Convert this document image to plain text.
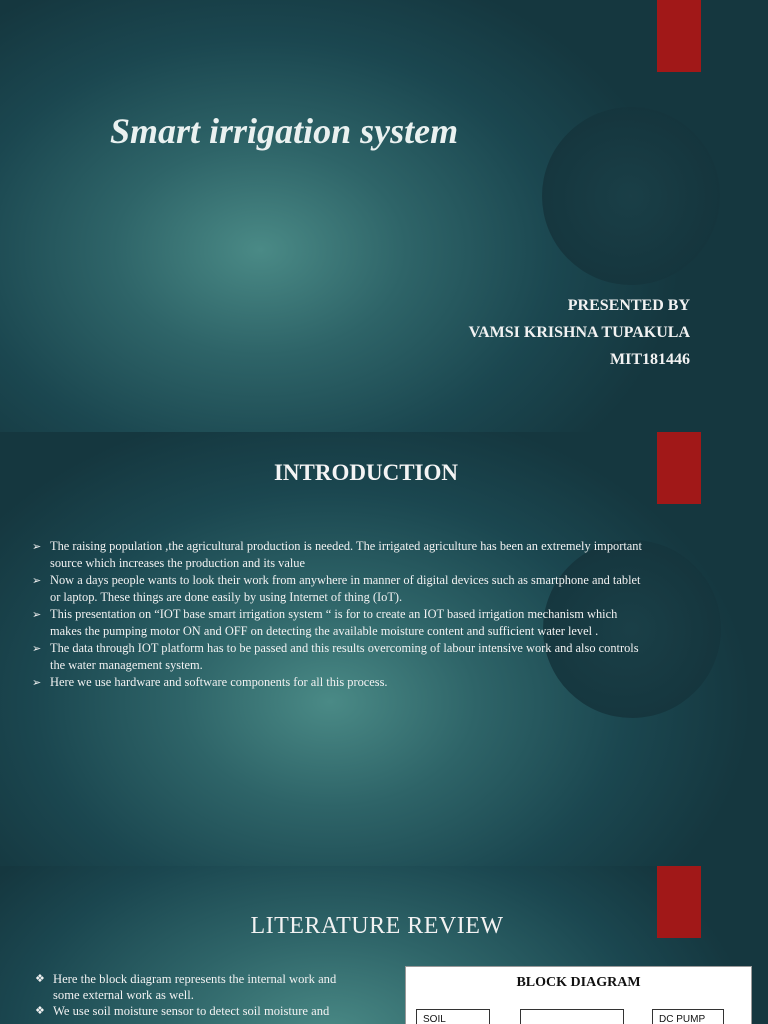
Smart irrigation system
PRESENTED BY
VAMSI KRISHNA TUPAKULA
MIT181446
INTRODUCTION
➢ The raising population ,the agricultural production is needed. The irrigated agriculture has been an extremely important
source which increases the production and its value
➢ Now a days people wants to look their work from anywhere in manner of digital devices such as smartphone and tablet
or laptop. These things are done easily by using Internet of thing (IoT).
➢ This presentation on “IOT base smart irrigation system “ is for to create an IOT based irrigation mechanism which
makes the pumping motor ON and OFF on detecting the available moisture content and sufficient water level .
➢ The data through IOT platform has to be passed and this results overcoming of labour intensive work and also controls
the water management system.
➢ Here we use hardware and software components for all this process.
LITERATURE REVIEW
❖ Here the block diagram represents the internal work and
some external work as well.
❖ We use soil moisture sensor to detect soil moisture and
BLOCK DIAGRAM
SOIL	DC PUMP
